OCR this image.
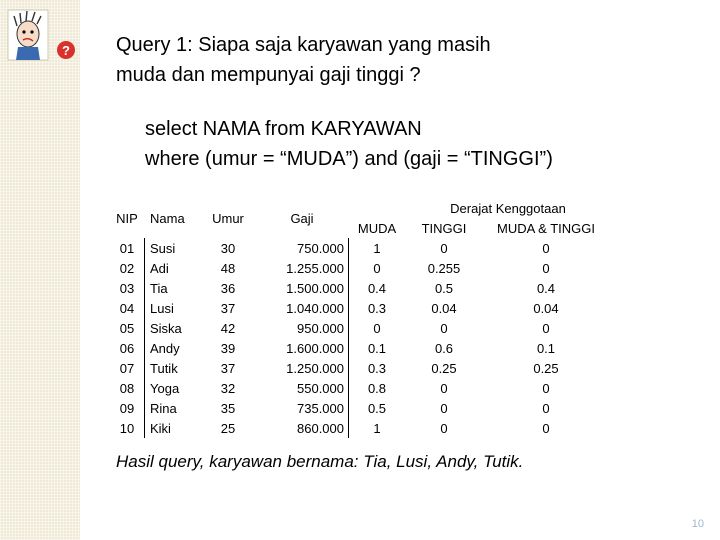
? Query 1: Siapa saja karyawan yang masih
muda dan mempunyai gaji tinggi ?
select NAMA from KARYAWAN
where (umur = “MUDA”) and (gaji = “TINGGI”)
NIP Nama	Umur	Gaji
Derajat Kenggotaan
MUDA	TINGGI	MUDA & TINGGI
01	Susi	30	750.000	1	0	0
02	Adi	48	1.255.000	0	0.255	0
03	Tia	36	1.500.000	0.4	0.5	0.4
04	Lusi	37	1.040.000	0.3	0.04	0.04
05	Siska	42	950.000	0	0	0
06	Andy	39	1.600.000	0.1	0.6	0.1
07	Tutik	37	1.250.000	0.3	0.25	0.25
08	Yoga	32	550.000	0.8	0	0
09	Rina	35	735.000	0.5	0	0
10	Kiki	25	860.000	1	0	0
Hasil query, karyawan bernama: Tia, Lusi, Andy, Tutik.
10
